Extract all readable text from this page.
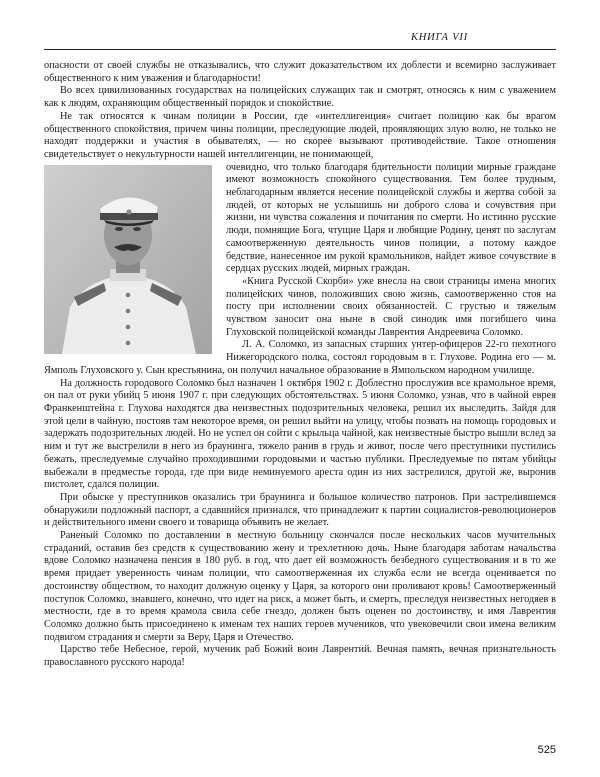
КНИГА VII

опасности от своей службы не отказывались, что служит доказательством их доблести и всемирно заслуживает общественного к ним уважения и благодарности!

Во всех цивилизованных государствах на полицейских служащих так и смотрят, относясь к ним с уважением как к людям, охраняющим общественный порядок и спокойствие.

Не так относятся к чинам полиции в России, где «интеллигенция» считает полицию как бы врагом общественного спокойствия, причем чины полиции, преследующие людей, проявляющих злую волю, не только не находят поддержки и участия в обывателях, — но скорее вызывают противодействие. Такое отношения свидетельствует о некультурности нашей интеллигенции, не понимающей,

очевидно, что только благодаря бдительности полиции мирные граждане имеют возможность спокойного существования. Тем более трудным, неблагодарным является несение полицейской службы и жертва собой за людей, от которых не услышишь ни доброго слова и сочувствия при жизни, ни чувства сожаления и почитания по смерти. Но истинно русские люди, помнящие Бога, чтущие Царя и любящие Родину, ценят по заслугам самоотверженную деятельность чинов полиции, а потому каждое бедствие, нанесенное им рукой крамольников, найдет живое сочувствие в сердцах русских людей, мирных граждан.

«Книга Русской Скорби» уже внесла на свои страницы имена многих полицейских чинов, положивших свою жизнь, самоотверженно стоя на посту при исполнении своих обязанностей. С грустью и тяжелым чувством заносит она ныне в свой синодик имя погибшего чина Глуховской полицейской команды Лаврентия Андреевича Соломко.

Л. А. Соломко, из запасных старших унтер-офицеров 22-го пехотного Нижегородского полка, состоял городовым в г. Глухове. Родина его — м. Ямполь Глуховского у. Сын крестьянина, он получил начальное образование в Ямпольском народном училище.

На должность городового Соломко был назначен 1 октября 1902 г. Доблестно прослужив все крамольное время, он пал от руки убийц 5 июня 1907 г. при следующих обстоятельствах. 5 июня Соломко, узнав, что в чайной еврея Франкенштейна г. Глухова находятся два неизвестных подозрительных человека, решил их выследить. Зайдя для этой цели в чайную, постояв там некоторое время, он решил выйти на улицу, чтобы позвать на помощь городовых и задержать подозрительных людей. Но не успел он сойти с крыльца чайной, как неизвестные быстро вышли вслед за ним и тут же выстрелили в него из браунинга, тяжело ранив в грудь и живот, после чего преступники пустились бежать, преследуемые случайно проходившими городовыми и частью публики. Преследуемые по пятам убийцы выбежали в предместье города, где при виде неминуемого ареста один из них застрелился, другой же, выронив пистолет, сдался полиции.

При обыске у преступников оказались три браунинга и большое количество патронов. При застрелившемся обнаружили подложный паспорт, а сдавшийся признался, что принадлежит к партии социалистов-революционеров и действительного имени своего и товарища объявить не желает.

Раненый Соломко по доставлении в местную больницу скончался после нескольких часов мучительных страданий, оставив без средств к существованию жену и трехлетнюю дочь. Ныне благодаря заботам начальства вдове Соломко назначена пенсия в 180 руб. в год, что дает ей возможность безбедного существования и в то же время придает уверенность чинам полиции, что самоотверженная их служба если не всегда оценивается по достоинству обществом, то находит должную оценку у Царя, за которого они проливают кровь! Самоотверженный поступок Соломко, знавшего, конечно, что идет на риск, а может быть, и смерть, преследуя неизвестных негодяев в местности, где в то время крамола свила себе гнездо, должен быть оценен по достоинству, и имя Лаврентия Соломко должно быть присоединено к именам тех наших героев мучеников, что увековечили свои имена великим подвигом страдания и смерти за Веру, Царя и Отечество.

Царство тебе Небесное, герой, мученик раб Божий воин Лаврентий. Вечная память, вечная признательность православного русского народа!

525
